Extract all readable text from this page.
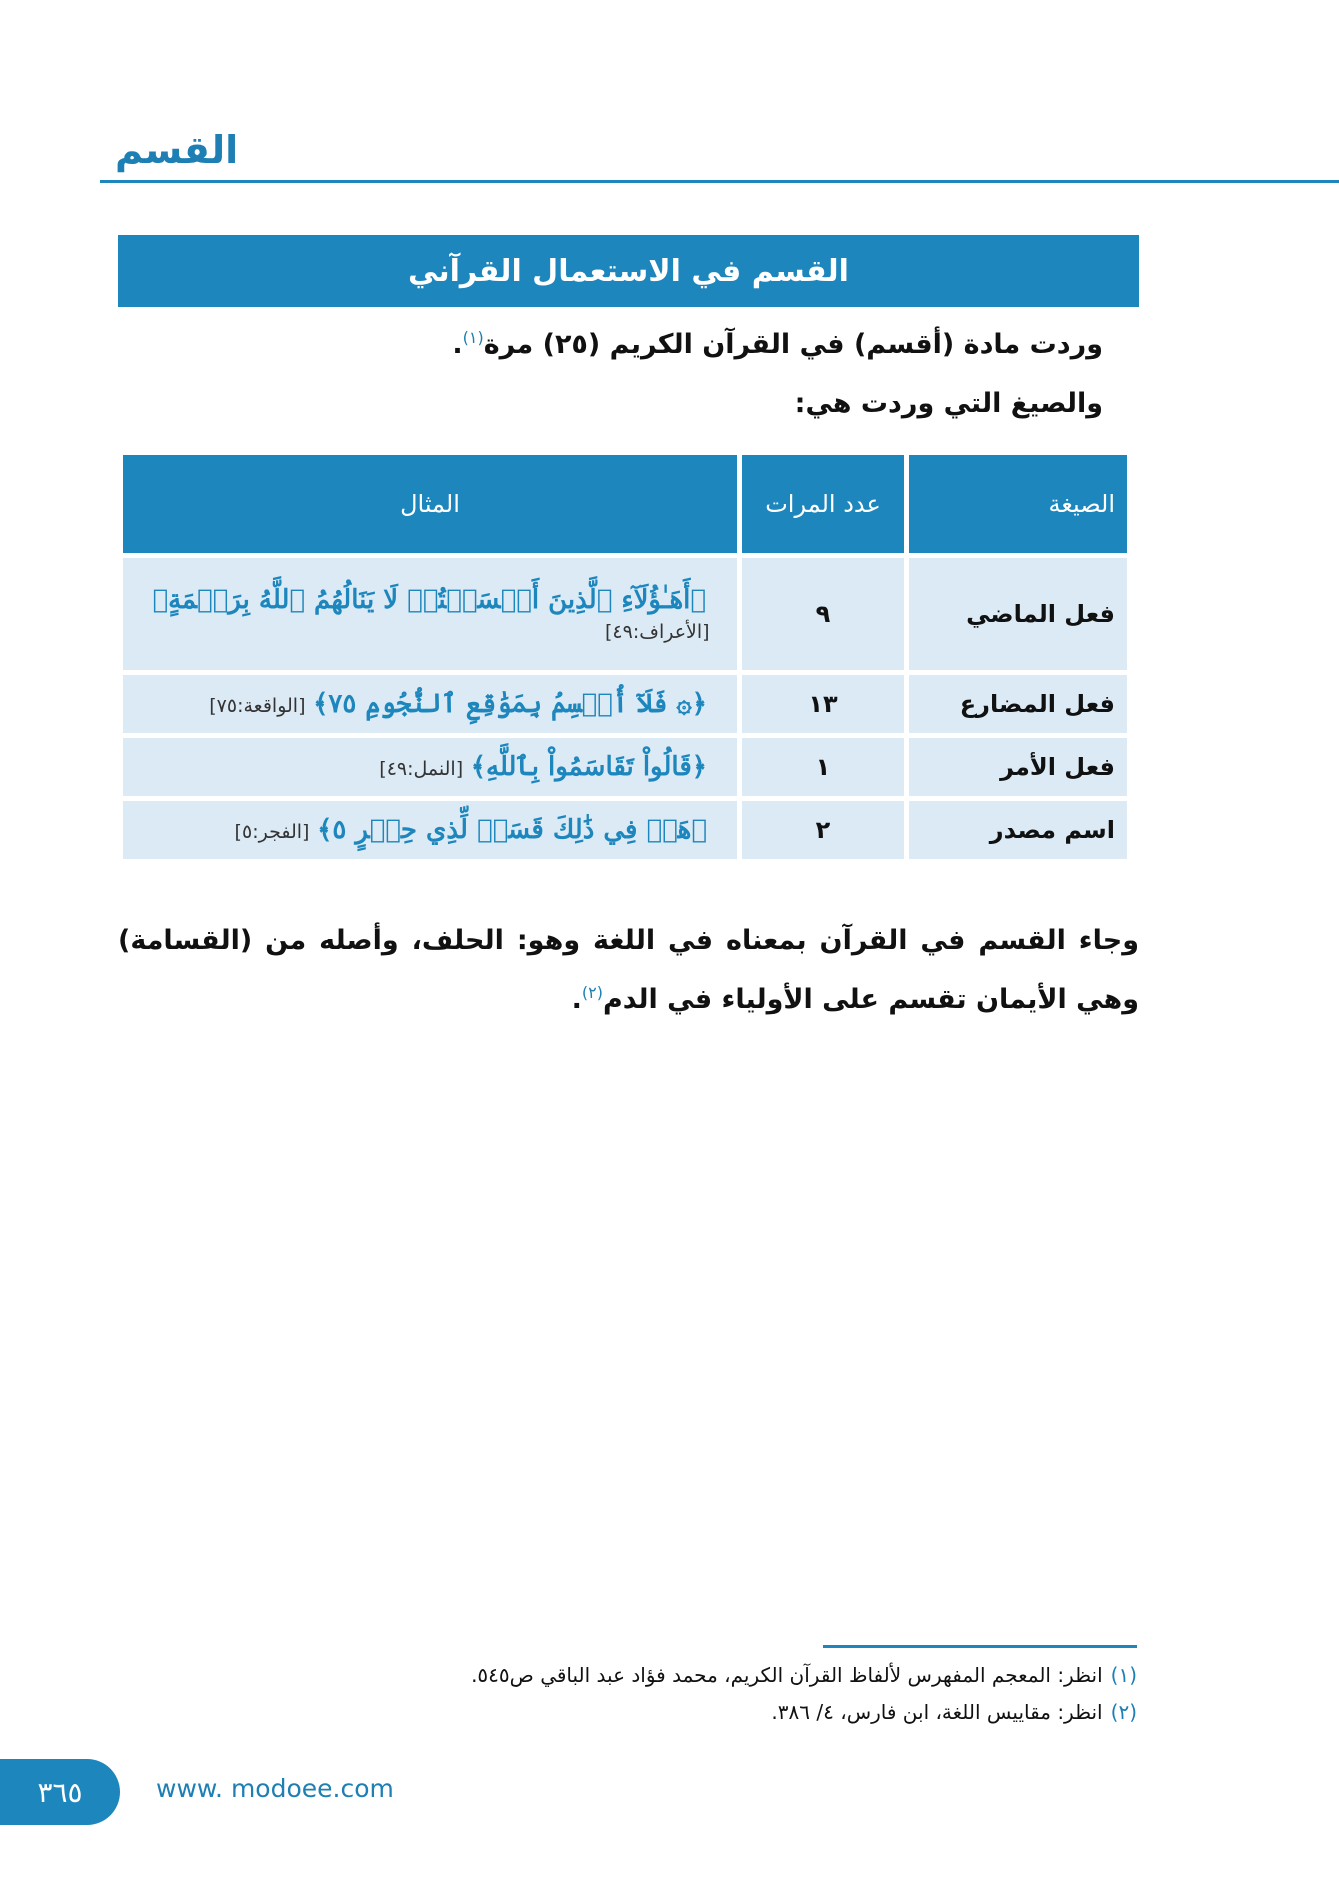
القسم
القسم في الاستعمال القرآني
وردت مادة (أقسم) في القرآن الكريم (٢٥) مرة$^{(١)}$.
والصيغ التي وردت هي:
الصيغة	عدد المرات	المثال
فعل الماضي	٩	﴿أَهَـٰؤُلَآءِ ٱلَّذِينَ أَقۡسَمۡتُمۡ لَا يَنَالُهُمُ ٱللَّهُ بِرَحۡمَةٍ﴾
[الأعراف:٤٩]
فعل المضارع	١٣	﴿۞ فَلَآ أُقۡسِمُ بِمَوَٰقِعِ ٱلنُّجُومِ ٧٥﴾ [الواقعة:٧٥]
فعل الأمر	١	﴿قَالُواْ تَقَاسَمُواْ بِٱللَّهِ﴾ [النمل:٤٩]
اسم مصدر	٢	﴿هَلۡ فِي ذَٰلِكَ قَسَمٞ لِّذِي حِجۡرٍ ٥﴾ [الفجر:٥]
وجاء القسم في القرآن بمعناه في اللغة وهو: الحلف، وأصله من (القسامة) وهي الأيمان تقسم على الأولياء في الدم$^{(٢)}$.
(١)انظر: المعجم المفهرس لألفاظ القرآن الكريم، محمد فؤاد عبد الباقي ص٥٤٥.
(٢)انظر: مقاييس اللغة، ابن فارس، ٤/ ٣٨٦.
٣٦٥	www. modoee.com
